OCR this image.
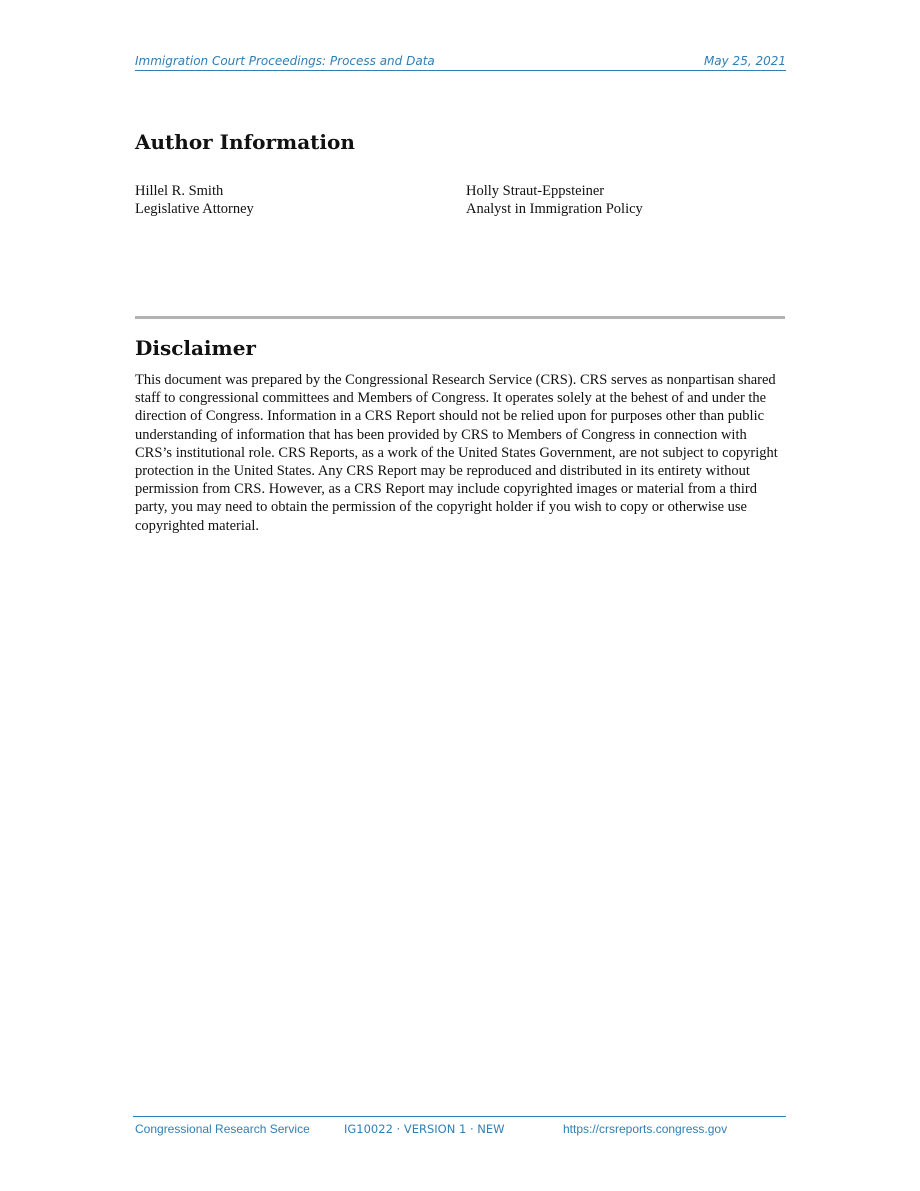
Immigration Court Proceedings: Process and Data	May 25, 2021
Author Information
Hillel R. Smith
Legislative Attorney
Holly Straut-Eppsteiner
Analyst in Immigration Policy
Disclaimer

This document was prepared by the Congressional Research Service (CRS). CRS serves as nonpartisan shared staff to congressional committees and Members of Congress. It operates solely at the behest of and under the direction of Congress. Information in a CRS Report should not be relied upon for purposes other than public understanding of information that has been provided by CRS to Members of Congress in connection with CRS’s institutional role. CRS Reports, as a work of the United States Government, are not subject to copyright protection in the United States. Any CRS Report may be reproduced and distributed in its entirety without permission from CRS. However, as a CRS Report may include copyrighted images or material from a third party, you may need to obtain the permission of the copyright holder if you wish to copy or otherwise use copyrighted material.

Congressional Research Service	IG10022 · VERSION 1 · NEW	https://crsreports.congress.gov
